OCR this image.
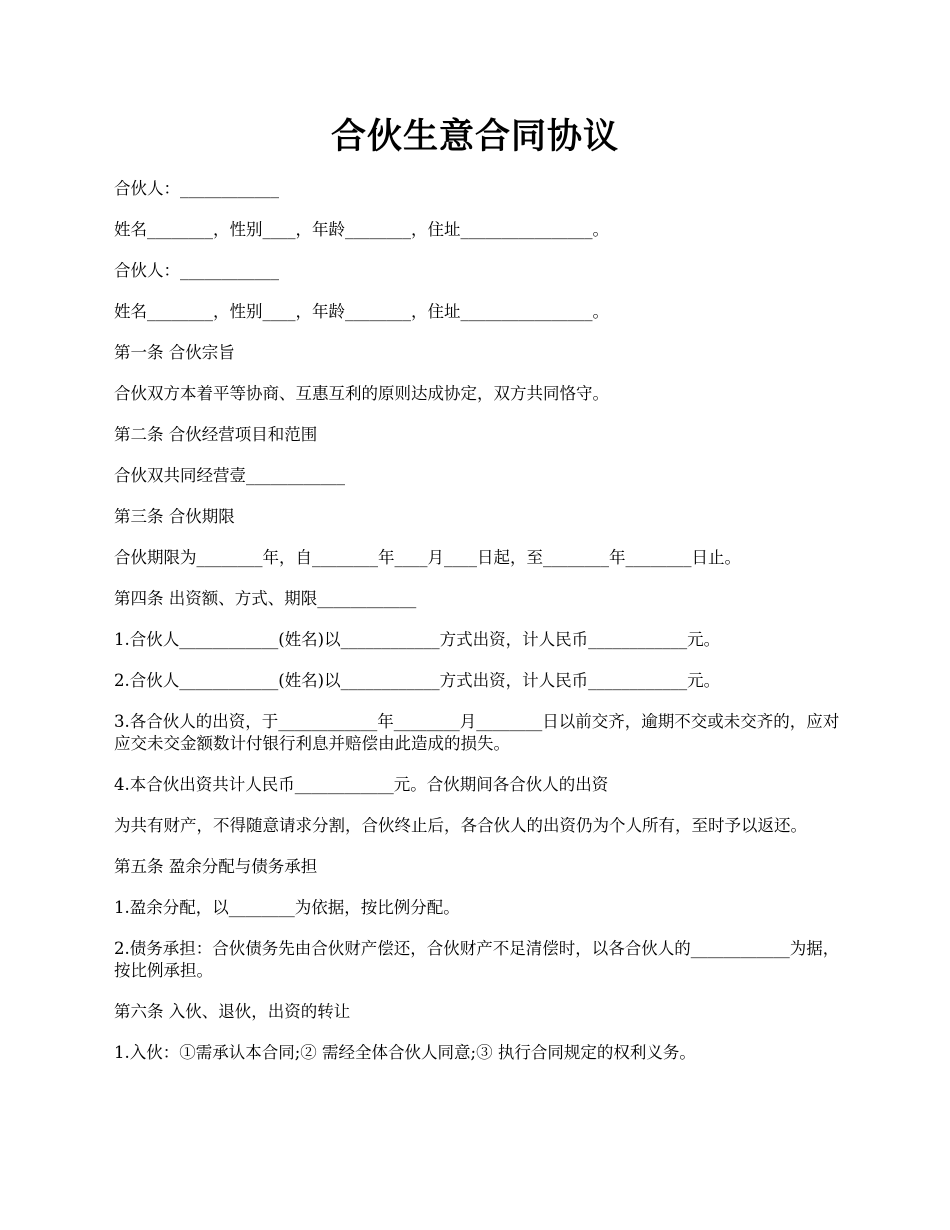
合伙生意合同协议

合伙人：____________

姓名________，性别____，年龄________，住址________________。

合伙人：____________

姓名________，性别____，年龄________，住址________________。

第一条 合伙宗旨

合伙双方本着平等协商、互惠互利的原则达成协定，双方共同恪守。

第二条 合伙经营项目和范围

合伙双共同经营壹____________

第三条 合伙期限

合伙期限为________年，自________年____月____日起，至________年________日止。

第四条 出资额、方式、期限____________

1.合伙人____________(姓名)以____________方式出资，计人民币____________元。

2.合伙人____________(姓名)以____________方式出资，计人民币____________元。

3.各合伙人的出资，于____________年________月________日以前交齐，逾期不交或未交齐的，应对应交未交金额数计付银行利息并赔偿由此造成的损失。

4.本合伙出资共计人民币____________元。合伙期间各合伙人的出资

为共有财产，不得随意请求分割，合伙终止后，各合伙人的出资仍为个人所有，至时予以返还。

第五条 盈余分配与债务承担

1.盈余分配，以________为依据，按比例分配。

2.债务承担：合伙债务先由合伙财产偿还，合伙财产不足清偿时，以各合伙人的____________为据，按比例承担。

第六条 入伙、退伙，出资的转让

1.入伙：①需承认本合同;② 需经全体合伙人同意;③ 执行合同规定的权利义务。
